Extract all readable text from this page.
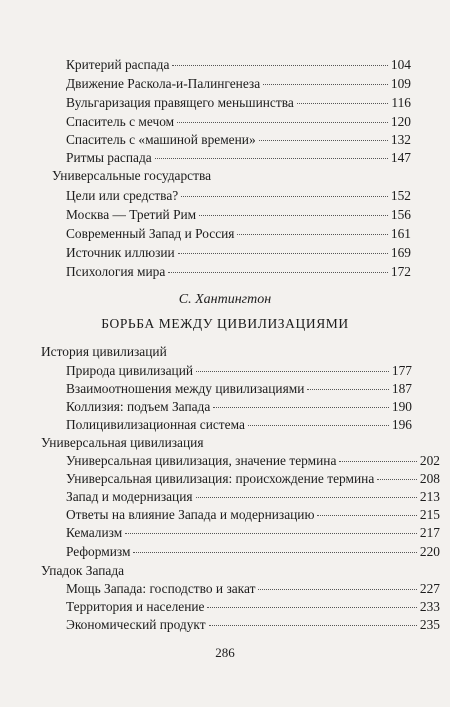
Критерий распада	104
Движение Раскола-и-Палингенеза	109
Вульгаризация правящего меньшинства	116
Спаситель с мечом	120
Спаситель с «машиной времени»	132
Ритмы распада	147
Универсальные государства
Цели или средства?	152
Москва — Третий Рим	156
Современный Запад и Россия	161
Источник иллюзии	169
Психология мира	172
С. Хантингтон
БОРЬБА МЕЖДУ ЦИВИЛИЗАЦИЯМИ
История цивилизаций
Природа цивилизаций	177
Взаимоотношения между цивилизациями	187
Коллизия: подъем Запада	190
Полицивилизационная система	196
Универсальная цивилизация
Универсальная цивилизация, значение термина	202
Универсальная цивилизация: происхождение термина	208
Запад и модернизация	213
Ответы на влияние Запада и модернизацию	215
Кемализм	217
Реформизм	220
Упадок Запада
Мощь Запада: господство и закат	227
Территория и население	233
Экономический продукт	235
286
